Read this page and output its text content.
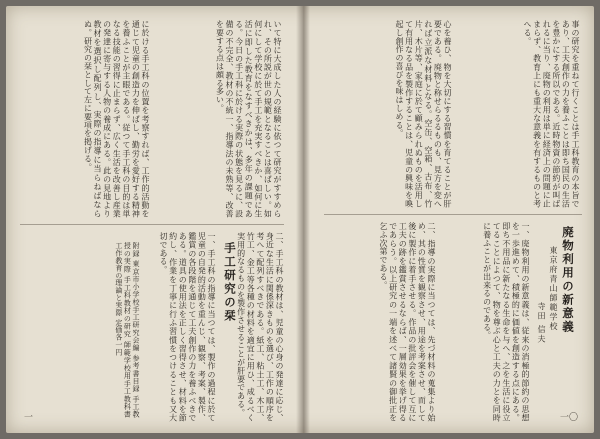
いて特に大成した人の経験に依つて研究がすすめられ、その所説が世の規範となることは喜ばしい。如何にして学校に於て手工を充実すべきか、如何に生活に即した教育をなすべきかは、多年の課題である。今日の手工科に於ける実際の状態を見るに、設備の不完全、教材の不統一、指導法の未熟等、改善を要する点は頗る多い。
に於ける手工科の位置を考察すれば、工作的活動を通じて児童の創造力を伸ばし、勤労を愛好する精神を養ふことが主眼である。従つて手工科の目的は単なる技能の習得に止まらず、広く生活を改善し産業の発達に寄与する人物の養成にある。此の見地より教材を選択し配列し、実際の指導に当らねばならぬ。研究の栞として左に要項を掲げる。
二、手工科の教材は、児童の心身の発達に応じ、身近な生活に関係深きものを選び、工作の順序を考へて配列すべきである。紙工、粘土工、木工、竹工、金工等各種の材料を適宜に用ひ、成るべく実用的なるものを製作させることが肝要である。
手工研究の栞
一、手工科の指導に当つては、製作の過程に於て児童の自発的活動を重んじ、観察、考案、製作、鑑賞の各段階を通じて工夫創作の力を養ふべきである。道具の使用法を正しく習得させ、材料を節約し、作業を丁寧に行ふ習慣をつけることも又大切である。
附録 東京市小学校手工研究会編 参考書目録 手工教授の実際 手工科教材の研究 師範学校用手工教科書 工作教育の理論と実際 定価各一円
一
事の研究を重ねて行くことは手工科教育の本旨であり、工夫創作の力を養ふことは即ち国民の生活を豊かにする所以である。近時物資の節約が叫ばれるに当り、廃物の利用は単に経済上の問題に止まらず、教育上にも重大な意義を有するものと考へる。
心を養ひ、物を大切にする習慣を育てることが肝要である。廃物と称せらるるものも、見方を変へれば立派な材料となる。空缶、空箱、古布、竹片、木片等、家庭に於て顧みられぬものを活用して有用なる品を製作することは、児童の興味を喚起し創作の喜びを味はしめる。
廃物利用の新意義
東京府青山師範学校
寺田 信夫
一、廃物利用の新意義は、従来の消極的節約の思想を一歩進めて、積極的に価値を創造する点にある。即ち不用品に新たなる生命を与へ、之を生活に役立てることによつて、物を尊ぶ心と工夫の力とを同時に養ふことが出来るのである。
二、指導の実際に当つては、先づ材料の蒐集より始め、其の性質を観察させ、用途を考案させ、而して後に製作に着手させる。作品の批評会を催して互に工夫の跡を鑑賞させるならば、一層効果を挙げ得るであらう。以上研究の一端を述べて諸賢の御批正を乞ふ次第である。
一〇
